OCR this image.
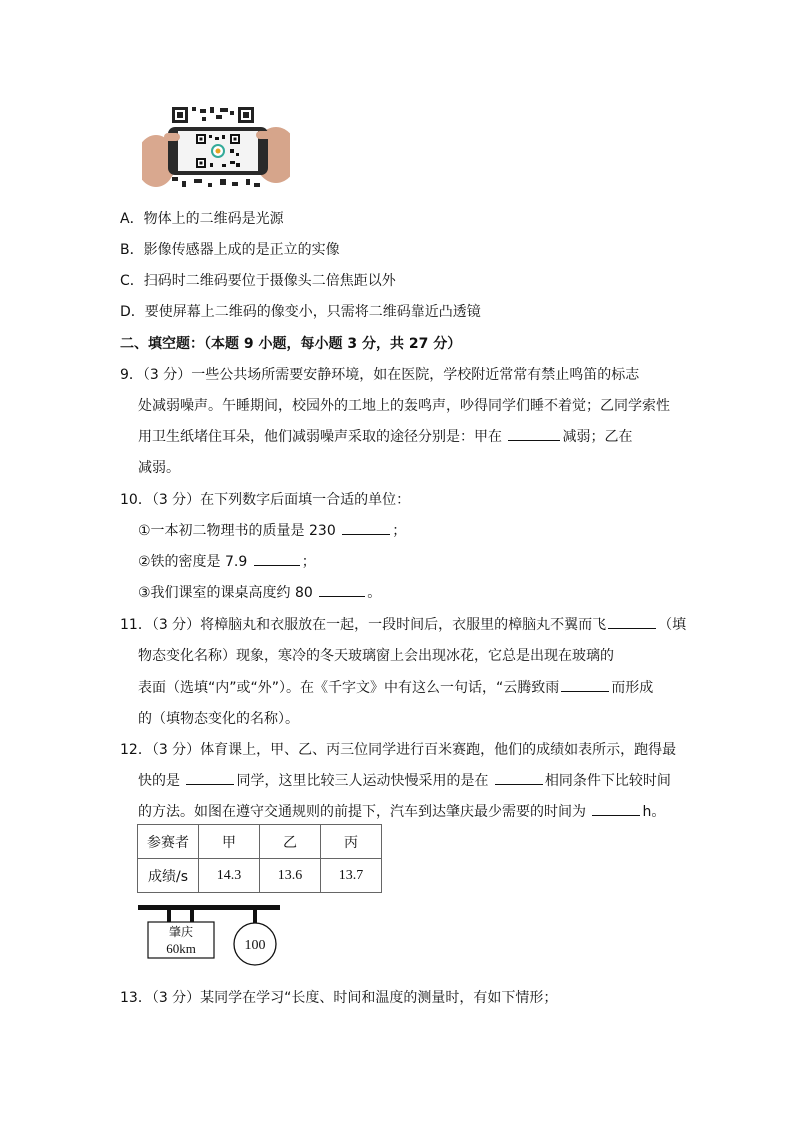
A．物体上的二维码是光源
B．影像传感器上成的是正立的实像
C．扫码时二维码要位于摄像头二倍焦距以外
D．要使屏幕上二维码的像变小，只需将二维码靠近凸透镜
二、填空题：（本题 9 小题，每小题 3 分，共 27 分）
9．（3 分）一些公共场所需要安静环境，如在医院，学校附近常常有禁止鸣笛的标志
处减弱噪声。午睡期间，校园外的工地上的轰鸣声，吵得同学们睡不着觉；乙同学索性
用卫生纸堵住耳朵，他们减弱噪声采取的途径分别是：甲在	减弱；乙在
减弱。
10．（3 分）在下列数字后面填一合适的单位：
①一本初二物理书的质量是 230	；
②铁的密度是 7.9	；
③我们课室的课桌高度约 80	。
11．（3 分）将樟脑丸和衣服放在一起，一段时间后，衣服里的樟脑丸不翼而飞	（填
物态变化名称）现象，寒冷的冬天玻璃窗上会出现冰花，它总是出现在玻璃的
表面（选填“内”或“外”）。在《千字文》中有这么一句话，“云腾致雨	而形成
的（填物态变化的名称）。
12．（3 分）体育课上，甲、乙、丙三位同学进行百米赛跑，他们的成绩如表所示，跑得最
快的是	同学，这里比较三人运动快慢采用的是在	相同条件下比较时间
的方法。如图在遵守交通规则的前提下，汽车到达肇庆最少需要的时间为	h。
参赛者	甲	乙	丙
成绩/s	14.3	13.6	13.7
肇庆
60km	100
13．（3 分）某同学在学习“长度、时间和温度的测量时，有如下情形；
